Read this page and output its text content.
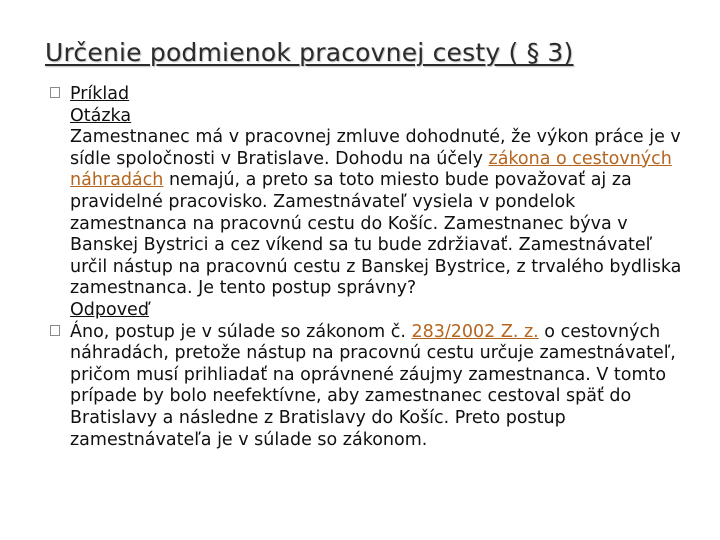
Určenie podmienok pracovnej cesty ( § 3)
Príklad
Otázka
Zamestnanec má v pracovnej zmluve dohodnuté, že výkon práce je v sídle spoločnosti v Bratislave. Dohodu na účely zákona o cestovných náhradách nemajú, a preto sa toto miesto bude považovať aj za pravidelné pracovisko. Zamestnávateľ vysiela v pondelok zamestnanca na pracovnú cestu do Košíc. Zamestnanec býva v Banskej Bystrici a cez víkend sa tu bude zdržiavať. Zamestnávateľ určil nástup na pracovnú cestu z Banskej Bystrice, z trvalého bydliska zamestnanca. Je tento postup správny?
Odpoveď
Áno, postup je v súlade so zákonom č. 283/2002 Z. z. o cestovných náhradách, pretože nástup na pracovnú cestu určuje zamestnávateľ, pričom musí prihliadať na oprávnené záujmy zamestnanca. V tomto prípade by bolo neefektívne, aby zamestnanec cestoval späť do Bratislavy a následne z Bratislavy do Košíc. Preto postup zamestnávateľa je v súlade so zákonom.
